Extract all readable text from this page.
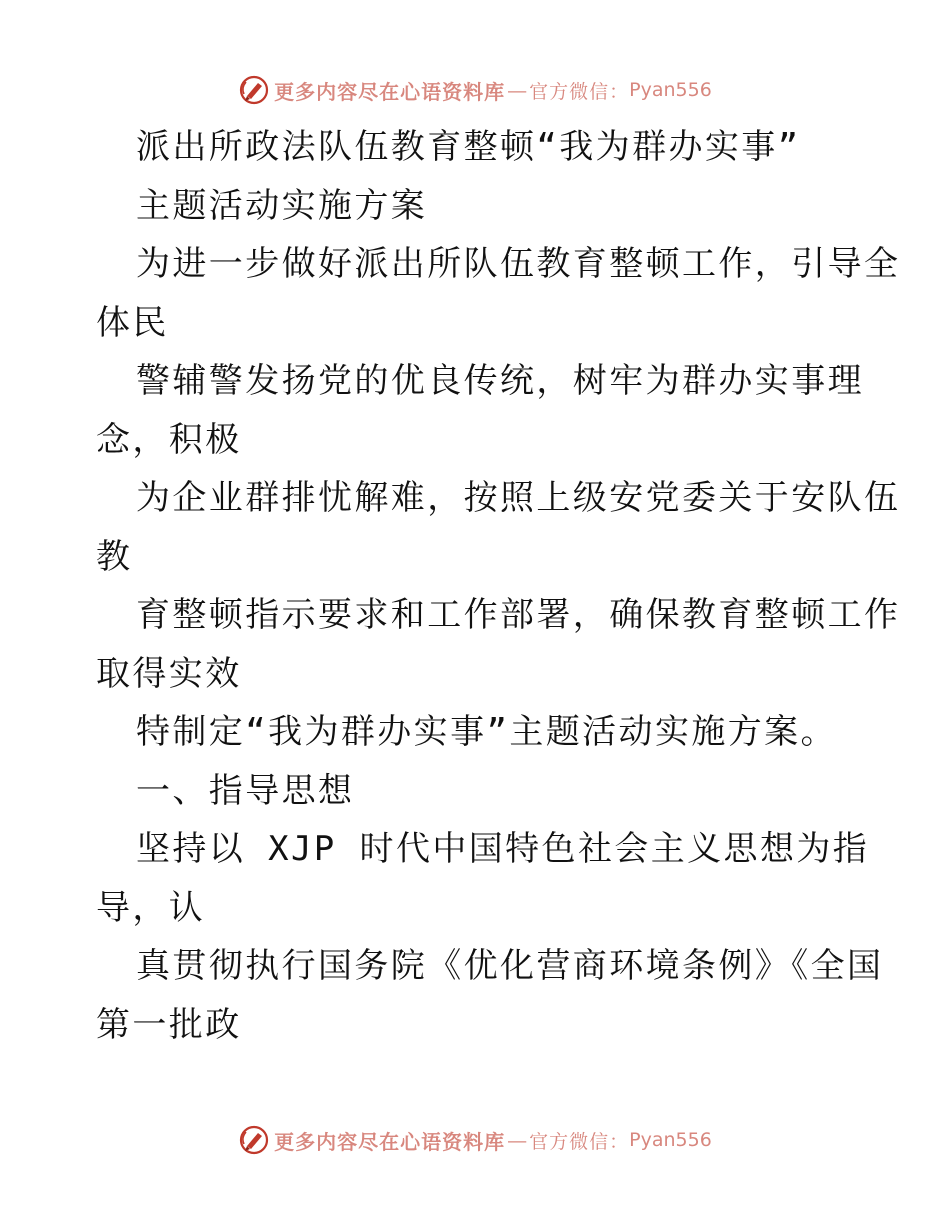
更多内容尽在心语资料库 — 官方微信： Pyan556
派出所政法队伍教育整顿“我为群办实事”
主题活动实施方案
为进一步做好派出所队伍教育整顿工作，引导全
体民
警辅警发扬党的优良传统，树牢为群办实事理
念，积极
为企业群排忧解难，按照上级安党委关于安队伍
教
育整顿指示要求和工作部署，确保教育整顿工作
取得实效
特制定“我为群办实事”主题活动实施方案。
一、指导思想
坚持以 XJP 时代中国特色社会主义思想为指
导，认
真贯彻执行国务院《优化营商环境条例》《全国
第一批政
更多内容尽在心语资料库 — 官方微信： Pyan556
